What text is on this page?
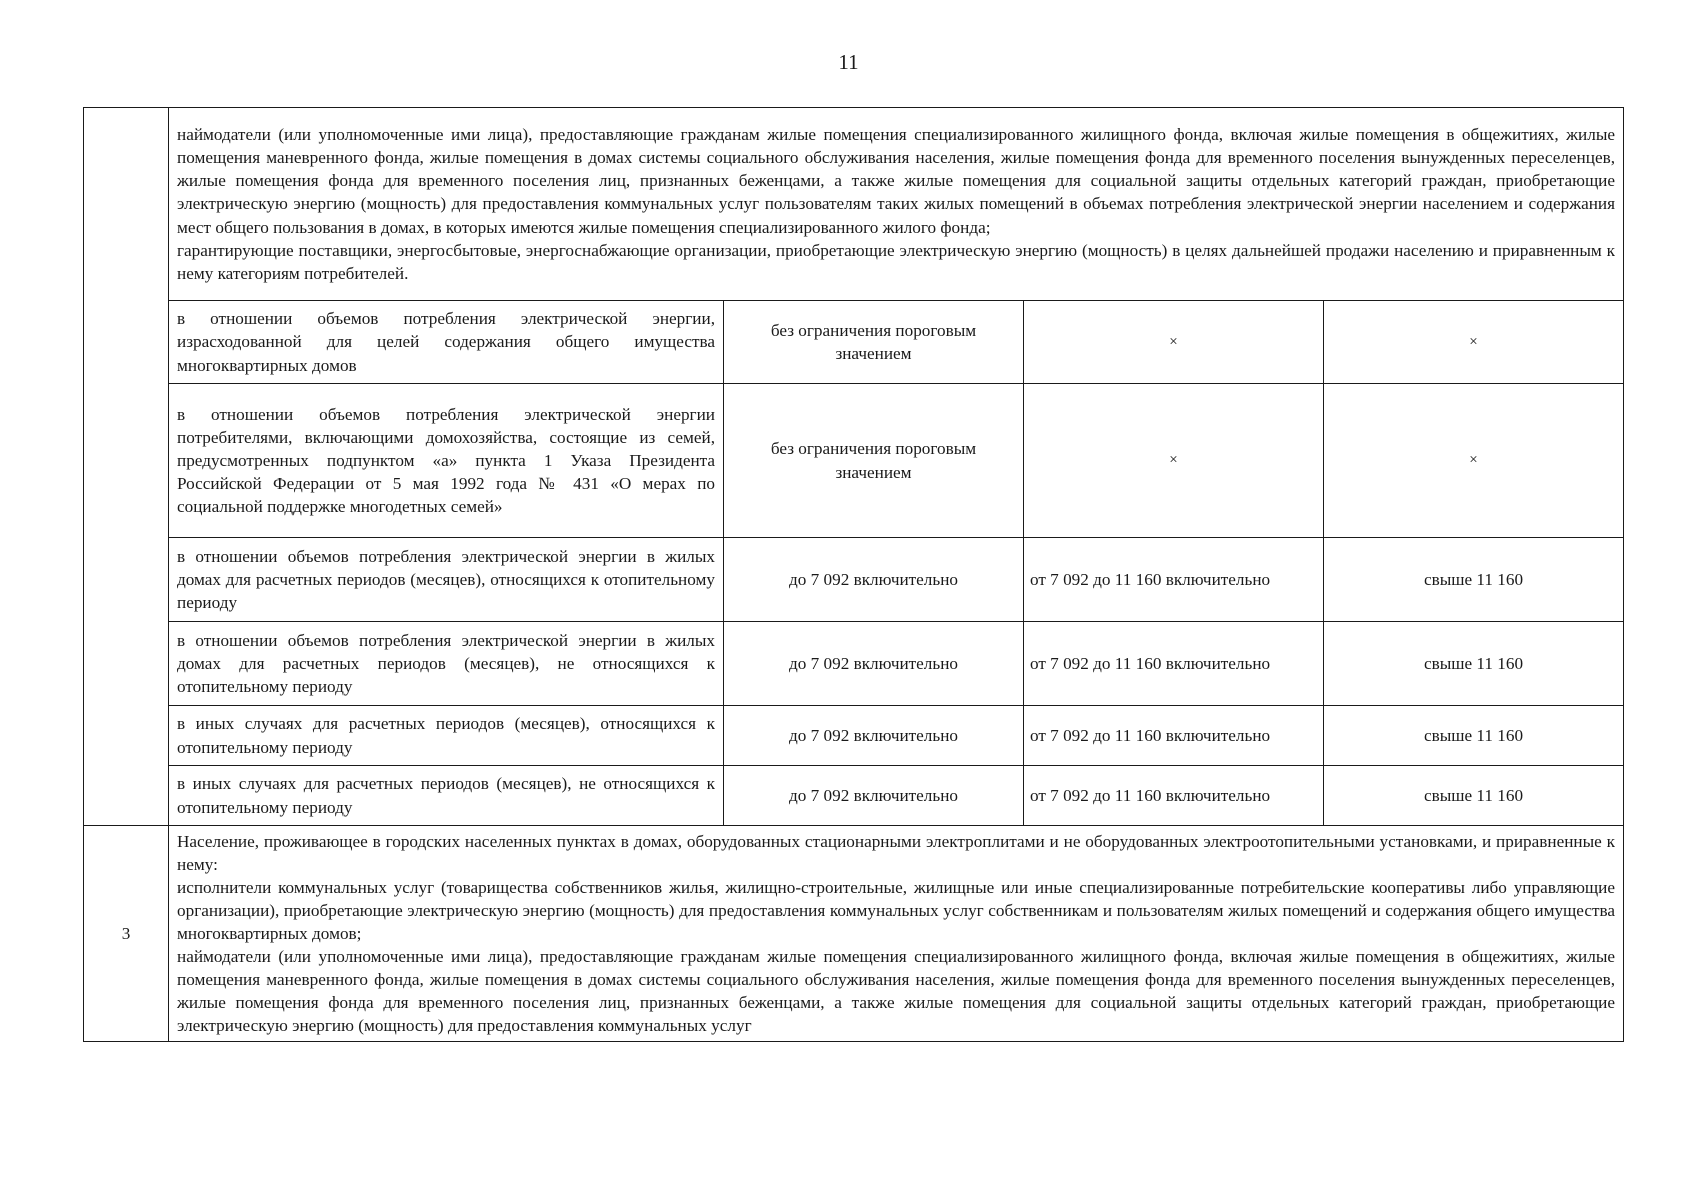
11

	наймодатели (или уполномоченные ими лица), предоставляющие гражданам жилые помещения специализированного жилищного фонда, включая жилые помещения в общежитиях, жилые помещения маневренного фонда, жилые помещения в домах системы социального обслуживания населения, жилые помещения фонда для временного поселения вынужденных переселенцев, жилые помещения фонда для временного поселения лиц, признанных беженцами, а также жилые помещения для социальной защиты отдельных категорий граждан, приобретающие электрическую энергию (мощность) для предоставления коммунальных услуг пользователям таких жилых помещений в объемах потребления электрической энергии населением и содержания мест общего пользования в домах, в которых имеются жилые помещения специализированного жилого фонда;

гарантирующие поставщики, энергосбытовые, энергоснабжающие организации, приобретающие электрическую энергию (мощность) в целях дальнейшей продажи населению и приравненным к нему категориям потребителей.			

	в отношении объемов потребления электрической энергии, израсходованной для целей содержания общего имущества многоквартирных домов	без ограничения пороговым значением	×	×
	в отношении объемов потребления электрической энергии потребителями, включающими домохозяйства, состоящие из семей, предусмотренных подпунктом «а» пункта 1 Указа Президента Российской Федерации от 5 мая 1992 года № 431 «О мерах по социальной поддержке многодетных семей»	без ограничения пороговым значением	×	×
	в отношении объемов потребления электрической энергии в жилых домах для расчетных периодов (месяцев), относящихся к отопительному периоду	до 7 092 включительно	от 7 092 до 11 160 включительно	свыше 11 160
	в отношении объемов потребления электрической энергии в жилых домах для расчетных периодов (месяцев), не относящихся к отопительному периоду	до 7 092 включительно	от 7 092 до 11 160 включительно	свыше 11 160
	в иных случаях для расчетных периодов (месяцев), относящихся к отопительному периоду	до 7 092 включительно	от 7 092 до 11 160 включительно	свыше 11 160
	в иных случаях для расчетных периодов (месяцев), не относящихся к отопительному периоду	до 7 092 включительно	от 7 092 до 11 160 включительно	свыше 11 160
3	Население, проживающее в городских населенных пунктах в домах, оборудованных стационарными электроплитами и не оборудованных электроотопительными установками, и приравненные к нему:

исполнители коммунальных услуг (товарищества собственников жилья, жилищно-строительные, жилищные или иные специализированные потребительские кооперативы либо управляющие организации), приобретающие электрическую энергию (мощность) для предоставления коммунальных услуг собственникам и пользователям жилых помещений и содержания общего имущества многоквартирных домов;

наймодатели (или уполномоченные ими лица), предоставляющие гражданам жилые помещения специализированного жилищного фонда, включая жилые помещения в общежитиях, жилые помещения маневренного фонда, жилые помещения в домах системы социального обслуживания населения, жилые помещения фонда для временного поселения вынужденных переселенцев, жилые помещения фонда для временного поселения лиц, признанных беженцами, а также жилые помещения для социальной защиты отдельных категорий граждан, приобретающие электрическую энергию (мощность) для предоставления коммунальных услуг			
